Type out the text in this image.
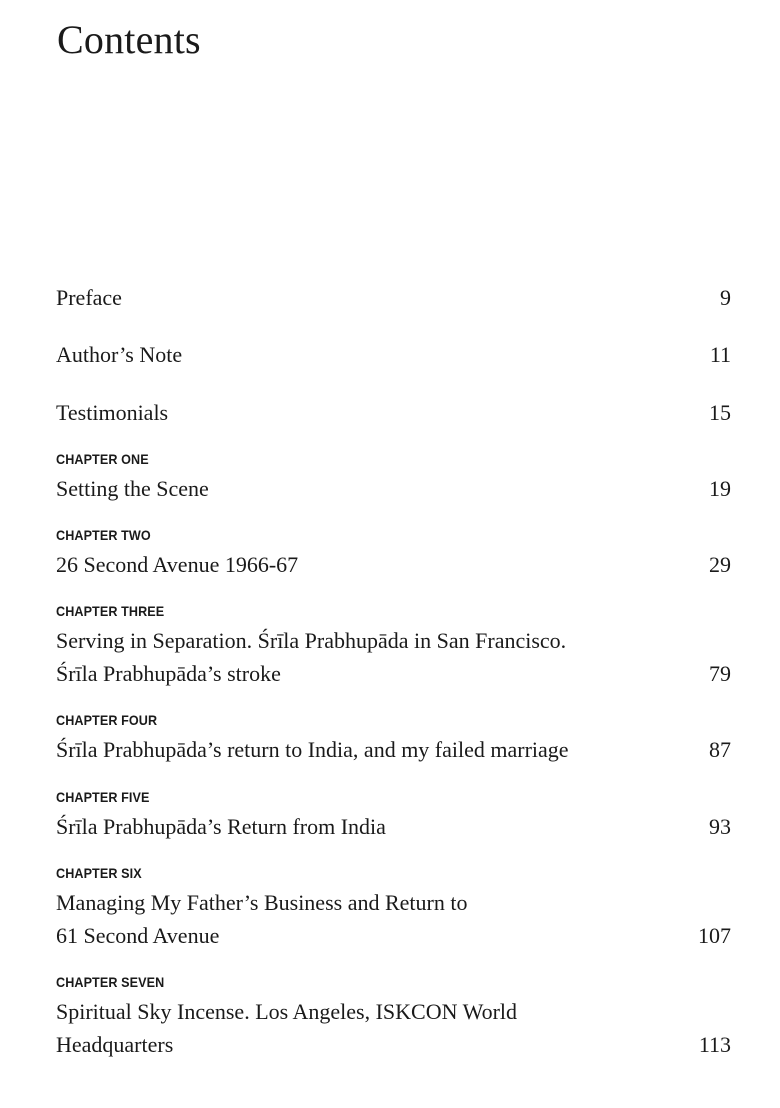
Contents
Preface	9
Author’s Note	11
Testimonials	15
CHAPTER ONE
Setting the Scene	19
CHAPTER TWO
26 Second Avenue 1966-67	29
CHAPTER THREE
Serving in Separation. Śrīla Prabhupāda in San Francisco.
Śrīla Prabhupāda’s stroke	79
CHAPTER FOUR
Śrīla Prabhupāda’s return to India, and my failed marriage	87
CHAPTER FIVE
Śrīla Prabhupāda’s Return from India	93
CHAPTER SIX
Managing My Father’s Business and Return to
61 Second Avenue	107
CHAPTER SEVEN
Spiritual Sky Incense. Los Angeles, ISKCON World
Headquarters	113
